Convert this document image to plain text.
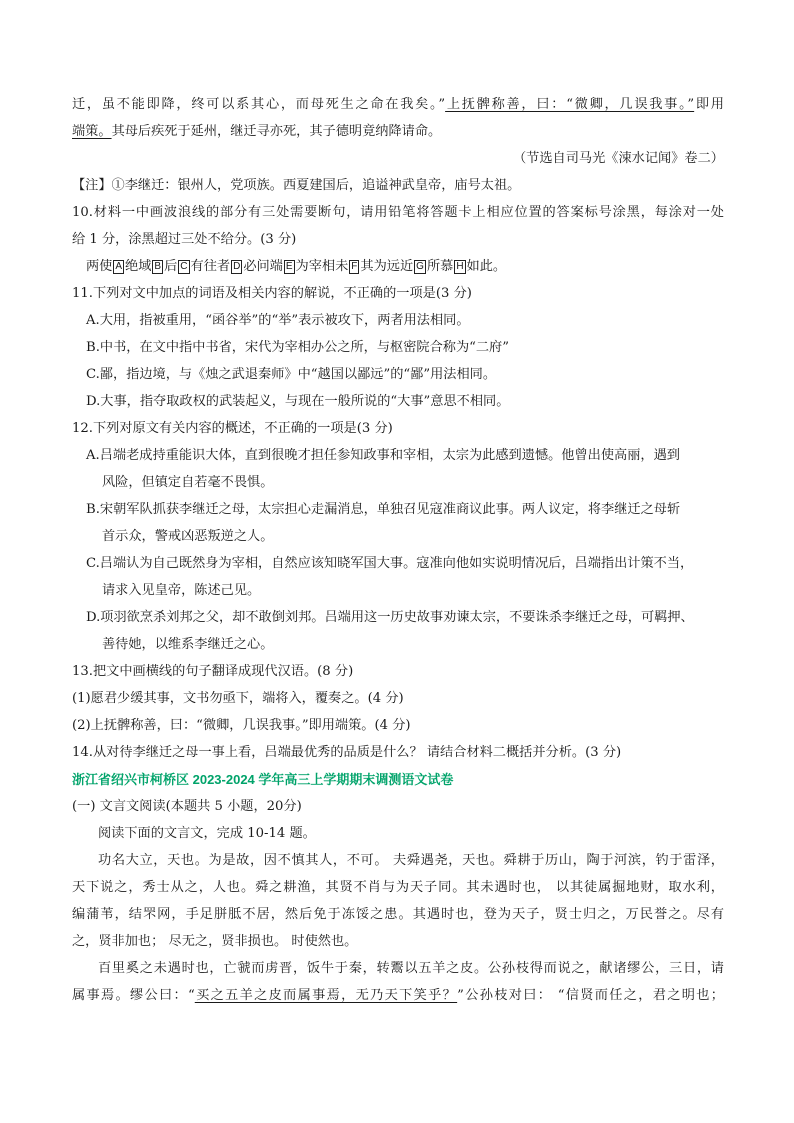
迁，虽不能即降，终可以系其心，而母死生之命在我矣。”上抚髀称善，曰：“微卿，几误我事。”即用
端策。其母后疾死于延州，继迁寻亦死，其子德明竟纳降请命。
（节选自司马光《涑水记闻》卷二）
【注】①李继迁：银州人，党项族。西夏建国后，追谥神武皇帝，庙号太祖。
10.材料一中画波浪线的部分有三处需要断句，请用铅笔将答题卡上相应位置的答案标号涂黑，每涂对一处
给 1 分，涂黑超过三处不给分。(3 分)
两使 A 绝域 B 后 C 有往者 D 必问端 E 为宰相未 F 其为远近 G 所慕 H 如此。
11.下列对文中加点的词语及相关内容的解说，不正确的一项是(3 分)
A.大用，指被重用，“函谷举”的“举”表示被攻下，两者用法相同。
B.中书，在文中指中书省，宋代为宰相办公之所，与枢密院合称为“二府”
C.鄙，指边境，与《烛之武退秦师》中“越国以鄙远”的“鄙”用法相同。
D.大事，指夺取政权的武装起义，与现在一般所说的“大事”意思不相同。
12.下列对原文有关内容的概述，不正确的一项是(3 分)
A.吕端老成持重能识大体，直到很晚才担任参知政事和宰相，太宗为此感到遗憾。他曾出使高丽，遇到
风险，但镇定自若毫不畏惧。
B.宋朝军队抓获李继迁之母，太宗担心走漏消息，单独召见寇准商议此事。两人议定，将李继迁之母斩
首示众，警戒凶恶叛逆之人。
C.吕端认为自己既然身为宰相，自然应该知晓军国大事。寇准向他如实说明情况后，吕端指出计策不当，
请求入见皇帝，陈述己见。
D.项羽欲烹杀刘邦之父，却不敢倒刘邦。吕端用这一历史故事劝谏太宗，不要诛杀李继迁之母，可羁押、
善待她，以维系李继迁之心。
13.把文中画横线的句子翻译成现代汉语。(8 分)
(1)愿君少缓其事，文书勿亟下，端将入，覆奏之。(4 分)
(2)上抚髀称善，曰：“微卿，几误我事。”即用端策。(4 分)
14.从对待李继迁之母一事上看，吕端最优秀的品质是什么？ 请结合材料二概括并分析。(3 分)
浙江省绍兴市柯桥区 2023-2024 学年高三上学期期末调测语文试卷
(一) 文言文阅读(本题共 5 小题，20分)
阅读下面的文言文，完成 10-14 题。
功名大立，天也。为是故，因不慎其人，不可。 夫舜遇尧，天也。舜耕于历山，陶于河滨，钓于雷泽，
天下说之，秀士从之，人也。舜之耕渔，其贤不肖与为天子同。其未遇时也， 以其徒属掘地财，取水利，
编蒲苇，结罘网，手足胼胝不居，然后免于冻馁之患。其遇时也，登为天子，贤士归之，万民誉之。尽有
之，贤非加也； 尽无之，贤非损也。 时使然也。
百里奚之未遇时也，亡虢而虏晋，饭牛于秦，转鬻以五羊之皮。公孙枝得而说之，献诸缪公，三日，请
属事焉。缪公曰：“买之五羊之皮而属事焉，无乃天下笑乎？”公孙枝对曰： “信贤而任之，君之明也；
